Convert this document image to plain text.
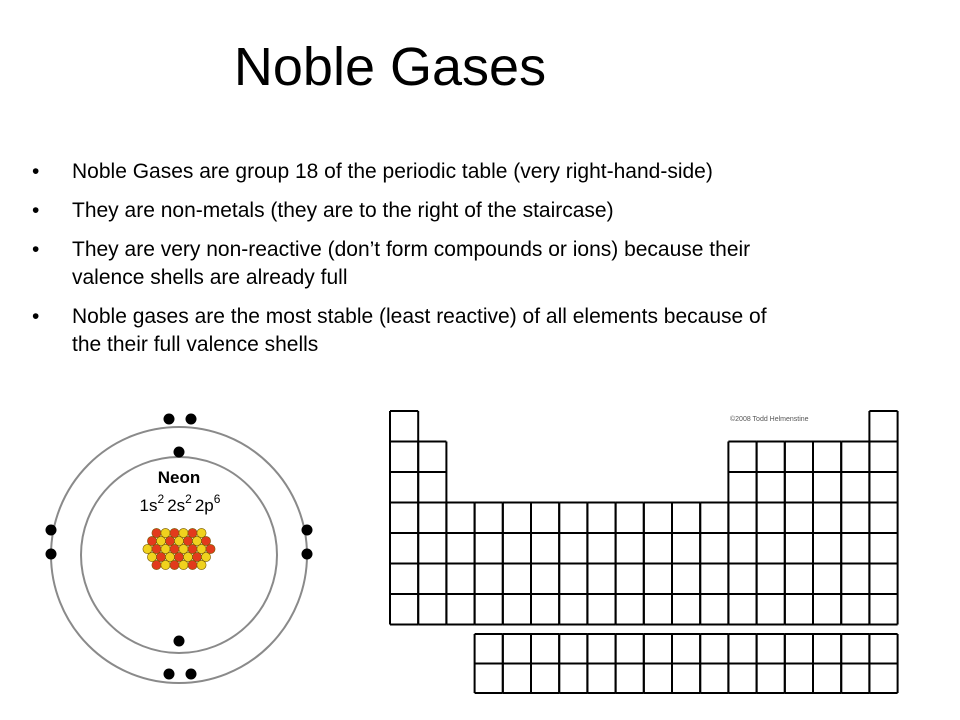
Noble Gases
• Noble Gases are group 18 of the periodic table (very right-hand-side)
• They are non-metals (they are to the right of the staircase)
• They are very non-reactive (don’t form compounds or ions) because their valence shells are already full
• Noble gases are the most stable (least reactive) of all elements because of the their full valence shells
Neon
$1s^2$ $2s^2$ $2p^6$
©2008 Todd Helmenstine
